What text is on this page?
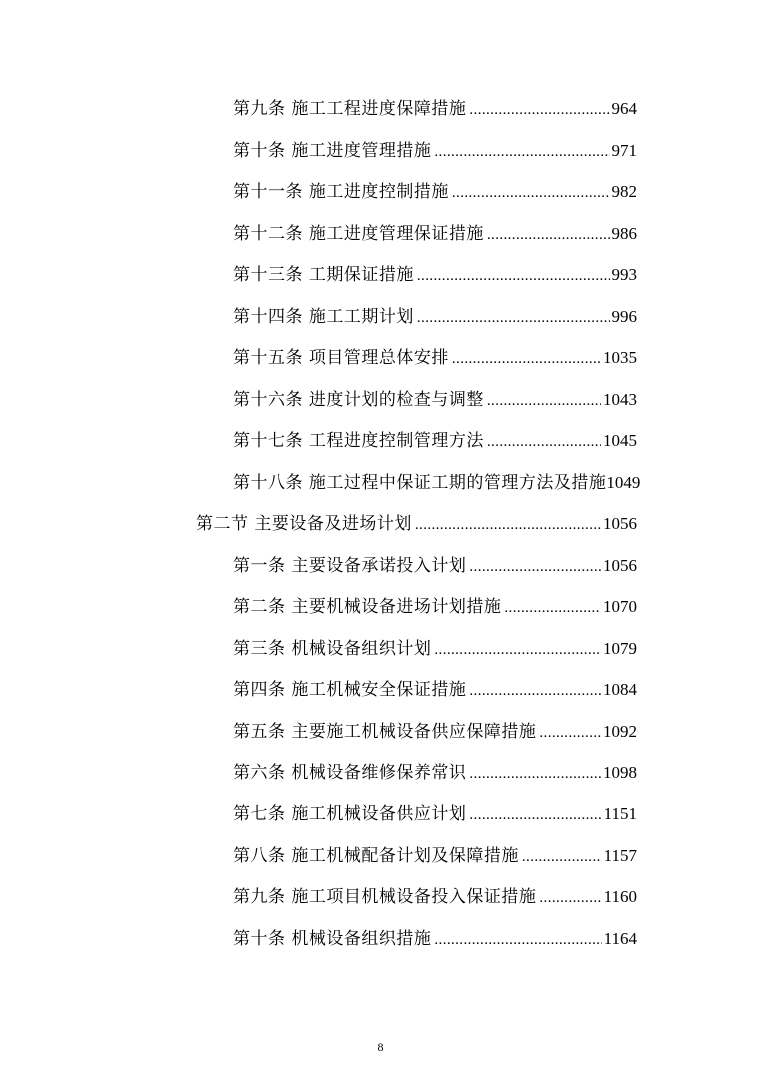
第九条 施工工程进度保障措施 .....	964
第十条 施工进度管理措施 .....	971
第十一条 施工进度控制措施 .....	982
第十二条 施工进度管理保证措施 .....	986
第十三条 工期保证措施 .....	993
第十四条 施工工期计划 .....	996
第十五条 项目管理总体安排 .....	1035
第十六条 进度计划的检查与调整 .....	1043
第十七条 工程进度控制管理方法 .....	1045
第十八条 施工过程中保证工期的管理方法及措施 1049
第二节 主要设备及进场计划 .....	1056
第一条 主要设备承诺投入计划 .....	1056
第二条 主要机械设备进场计划措施 .....	1070
第三条 机械设备组织计划 .....	1079
第四条 施工机械安全保证措施 .....	1084
第五条 主要施工机械设备供应保障措施 .....	1092
第六条 机械设备维修保养常识 .....	1098
第七条 施工机械设备供应计划 .....	1151
第八条 施工机械配备计划及保障措施 .....	1157
第九条 施工项目机械设备投入保证措施 .....	1160
第十条 机械设备组织措施 .....	1164
8
